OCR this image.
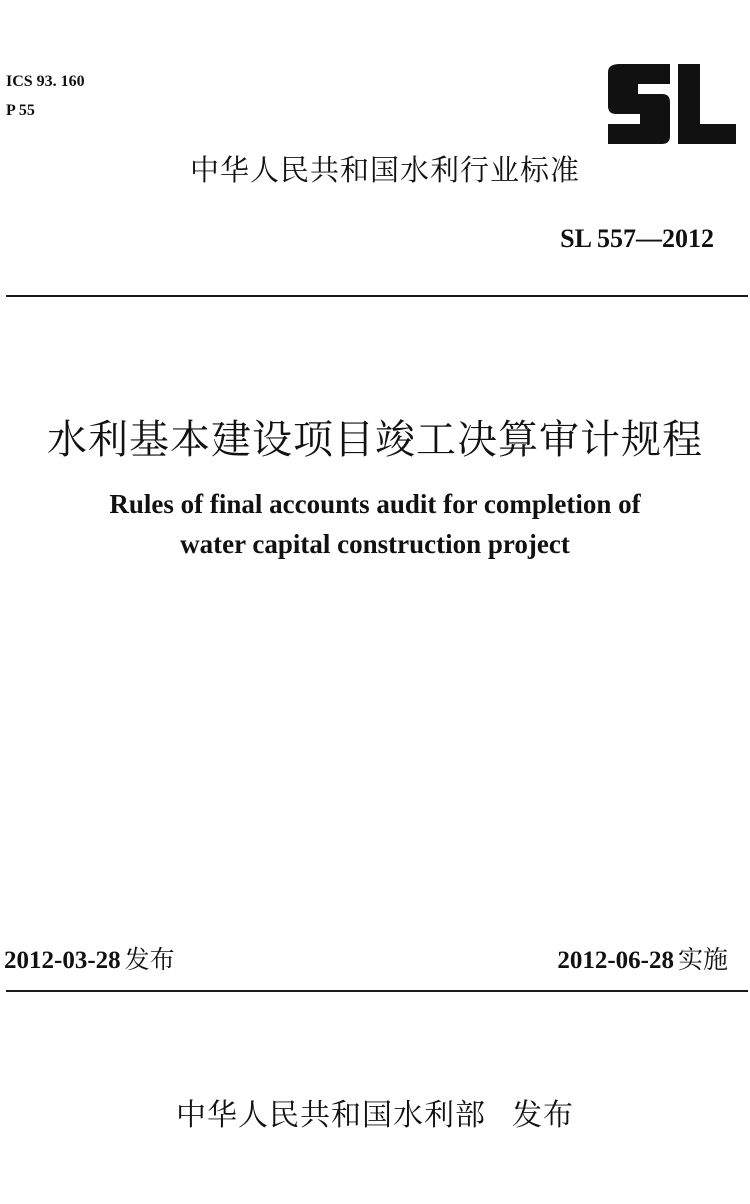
ICS 93. 160
P 55
中华人民共和国水利行业标准
SL 557—2012
水利基本建设项目竣工决算审计规程
Rules of final accounts audit for completion of
water capital construction project
2012-03-28 发布	2012-06-28 实施
中华人民共和国水利部 发布
